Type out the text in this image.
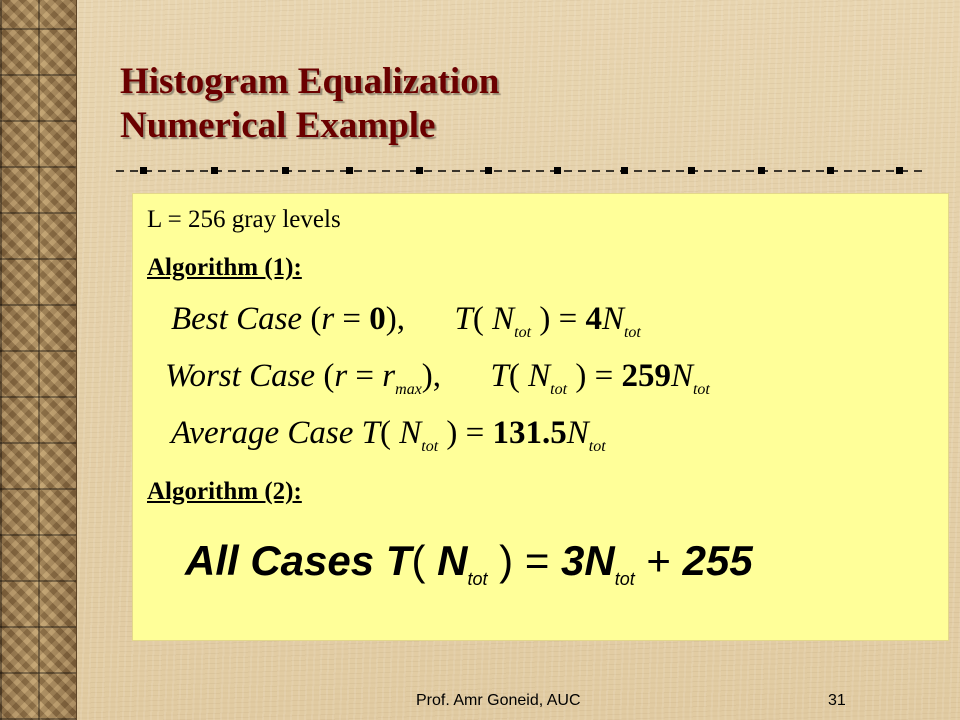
Histogram Equalization
Numerical Example

L = 256 gray levels

Algorithm (1):

Best Case (r = 0), T( $N_{tot}$ ) = $4N_{tot}$
Worst Case $(r = r_{max})$, T( $N_{tot}$ ) = $259N_{tot}$
Average Case T( $N_{tot}$ ) = $131.5N_{tot}$

Algorithm (2):

All Cases T( $N_{tot}$ ) = $3N_{tot} + 255$
Prof. Amr Goneid, AUC	31
